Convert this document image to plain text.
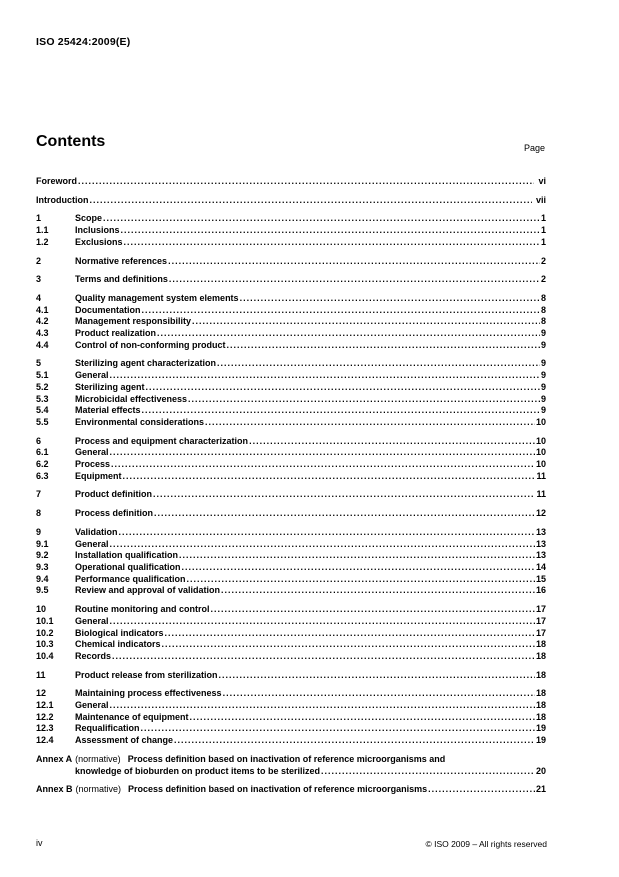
ISO 25424:2009(E)
Contents	Page
Foreword .....	vi
Introduction .....	vii
1	Scope .....	1
1.1	Inclusions .....	1
1.2	Exclusions .....	1
2	Normative references .....	2
3	Terms and definitions .....	2
4	Quality management system elements .....	8
4.1	Documentation .....	8
4.2	Management responsibility .....	8
4.3	Product realization .....	9
4.4	Control of non-conforming product .....	9
5	Sterilizing agent characterization .....	9
5.1	General .....	9
5.2	Sterilizing agent .....	9
5.3	Microbicidal effectiveness .....	9
5.4	Material effects .....	9
5.5	Environmental considerations .....	10
6	Process and equipment characterization .....	10
6.1	General .....	10
6.2	Process .....	10
6.3	Equipment .....	11
7	Product definition .....	11
8	Process definition .....	12
9	Validation .....	13
9.1	General .....	13
9.2	Installation qualification .....	13
9.3	Operational qualification .....	14
9.4	Performance qualification .....	15
9.5	Review and approval of validation .....	16
10	Routine monitoring and control .....	17
10.1	General .....	17
10.2	Biological indicators .....	17
10.3	Chemical indicators .....	18
10.4	Records .....	18
11	Product release from sterilization .....	18
12	Maintaining process effectiveness .....	18
12.1	General .....	18
12.2	Maintenance of equipment .....	18
12.3	Requalification .....	19
12.4	Assessment of change .....	19
Annex A (normative) Process definition based on inactivation of reference microorganisms and
knowledge of bioburden on product items to be sterilized .....	20
Annex B (normative) Process definition based on inactivation of reference microorganisms .....	21
iv	© ISO 2009 – All rights reserved
